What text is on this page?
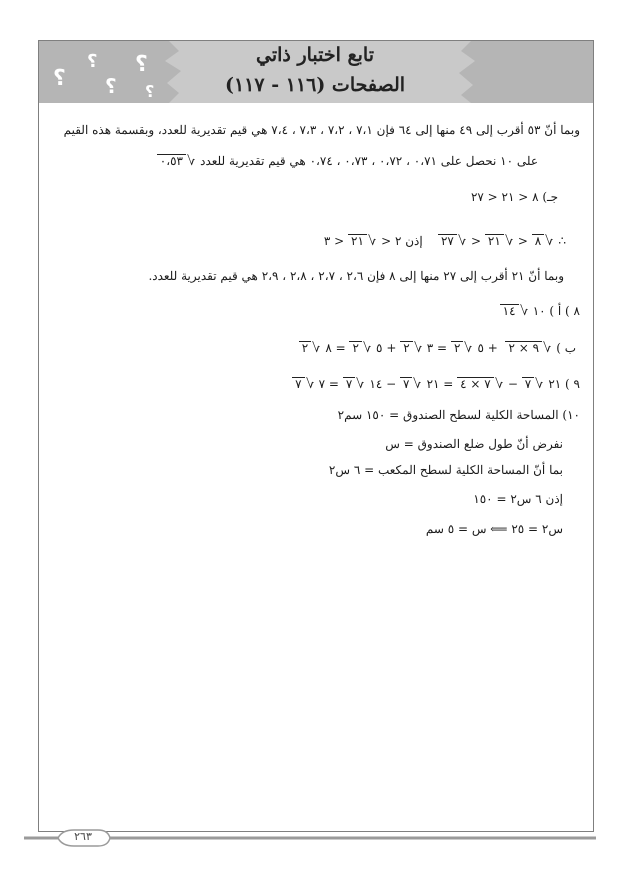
؟
؟
؟
؟
؟
تابع اختبار ذاتي
الصفحات (١١٦ - ١١٧)
وبما أنّ ٥٣ أقرب إلى ٤٩ منها إلى ٦٤ فإن ٧،١ ، ٧،٢ ، ٧،٣ ، ٧،٤ هي قيم تقديرية للعدد، وبقسمة هذه القيم
على ١٠ نحصل على ٠،٧١ ، ٠،٧٢ ، ٠،٧٣ ، ٠،٧٤ هي قيم تقديرية للعدد √٠،٥٣
جـ) ٨ < ٢١ < ٢٧
∴ √٨ < √٢١ < √٢٧    إذن ٢ < √٢١ < ٣
وبما أنّ ٢١ أقرب إلى ٢٧ منها إلى ٨ فإن ٢،٦ ، ٢،٧ ، ٢،٨ ، ٢،٩ هي قيم تقديرية للعدد.
٨ ) أ ) ١٠ √١٤
ب ) √٩ × ٢  + ٥ √٢ = ٣ √٢ + ٥ √٢ = ٨ √٢
٩ ) ٢١ √٧ − √٧ × ٤ = ٢١ √٧ − ١٤ √٧ = ٧ √٧
١٠) المساحة الكلية لسطح الصندوق = ١٥٠ سم٢
نفرض أنّ طول ضلع الصندوق = س
بما أنّ المساحة الكلية لسطح المكعب = ٦ س٢
إذن ٦ س٢ = ١٥٠
س٢ = ٢٥ ⟸ س = ٥ سم
٢٦٣
